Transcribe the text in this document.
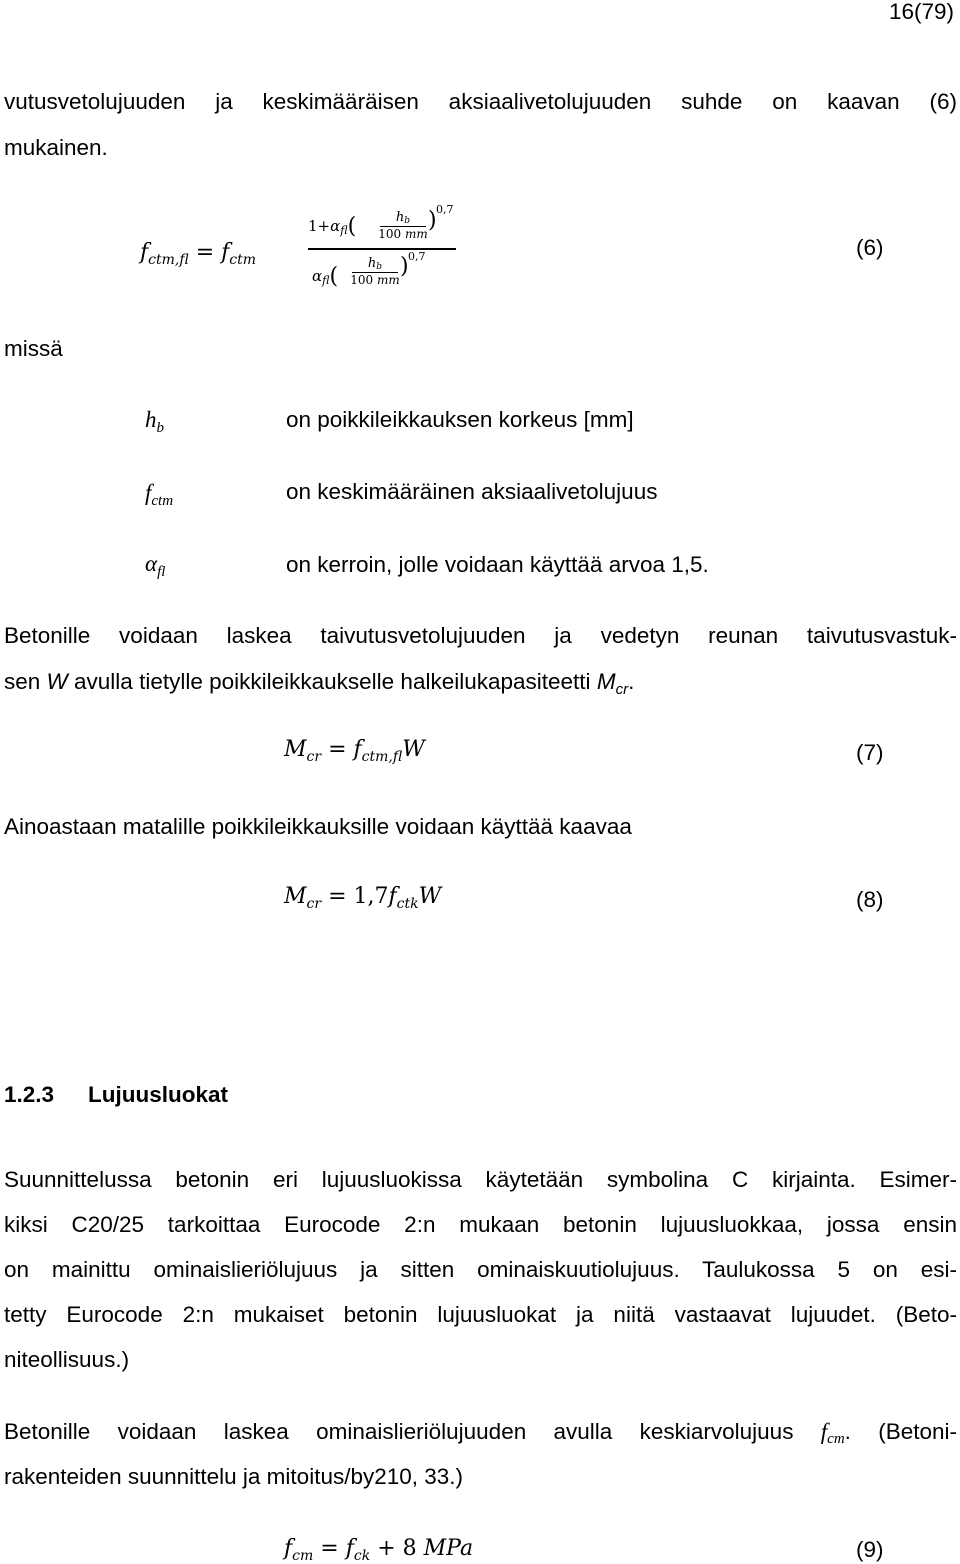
16(79)
vutusvetolujuuden ja keskimääräisen aksiaalivetolujuuden suhde on kaavan (6)
mukainen.
$f_{ctm,fl} = f_{ctm}$
$1+\alpha_{fl}$(	hb
100 mm
) 0,7
$\alpha_{fl}$(
hb
100 mm
) 0,7	(6)
missä
$h_b$	on poikkileikkauksen korkeus [mm]
$f_{ctm}$	on keskimääräinen aksiaalivetolujuus
$\alpha_{fl}$	on kerroin, jolle voidaan käyttää arvoa 1,5.
Betonille voidaan laskea taivutusvetolujuuden ja vedetyn reunan taivutusvastuk-
sen W avulla tietylle poikkileikkaukselle halkeilukapasiteetti $M_{cr}$.
$M_{cr} = f_{ctm,fl}W$	(7)
Ainoastaan matalille poikkileikkauksille voidaan käyttää kaavaa
$M_{cr} = 1,7f_{ctk}W$	(8)
1.2.3 Lujuusluokat
Suunnittelussa betonin eri lujuusluokissa käytetään symbolina C kirjainta. Esimer-
kiksi C20/25 tarkoittaa Eurocode 2:n mukaan betonin lujuusluokkaa, jossa ensin
on mainittu ominaislieriölujuus ja sitten ominaiskuutiolujuus. Taulukossa 5 on esi-
tetty Eurocode 2:n mukaiset betonin lujuusluokat ja niitä vastaavat lujuudet. (Beto-
niteollisuus.)
Betonille voidaan laskea ominaislieriölujuuden avulla keskiarvolujuus fcm. (Betoni-
rakenteiden suunnittelu ja mitoitus/by210, 33.)
$f_{cm} = f_{ck} + 8$ MPa	(9)
